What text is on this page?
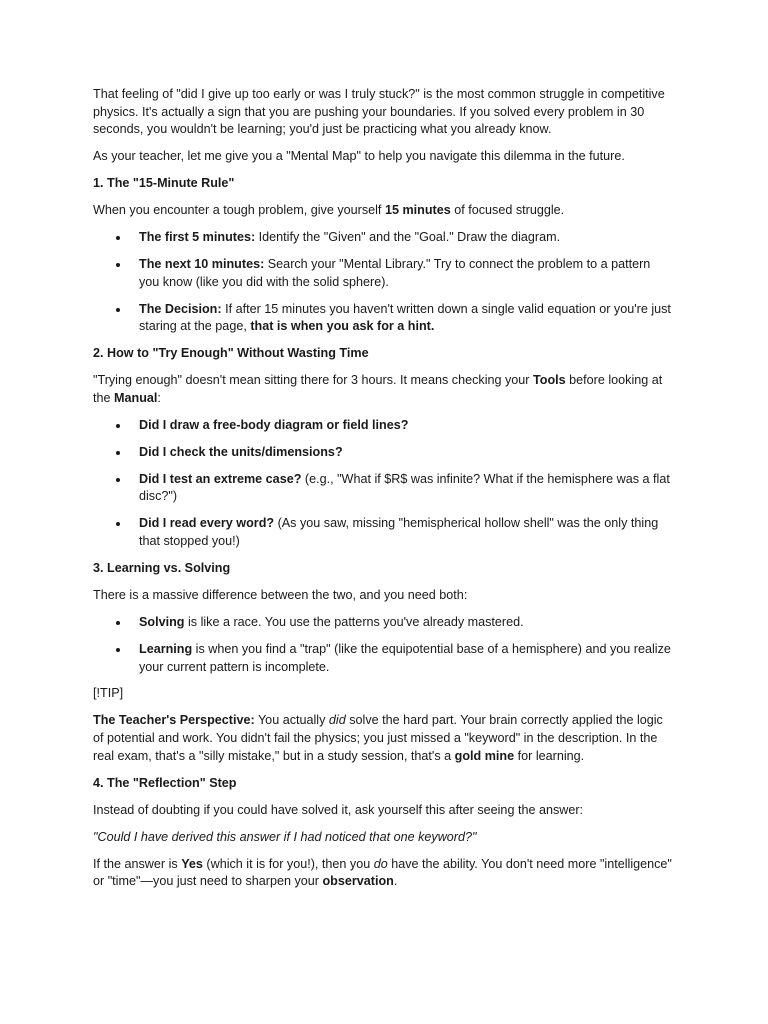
That feeling of "did I give up too early or was I truly stuck?" is the most common struggle in competitive physics. It's actually a sign that you are pushing your boundaries. If you solved every problem in 30 seconds, you wouldn't be learning; you'd just be practicing what you already know.

As your teacher, let me give you a "Mental Map" to help you navigate this dilemma in the future.

1. The "15-Minute Rule"

When you encounter a tough problem, give yourself 15 minutes of focused struggle.

The first 5 minutes: Identify the "Given" and the "Goal." Draw the diagram.
The next 10 minutes: Search your "Mental Library." Try to connect the problem to a pattern you know (like you did with the solid sphere).
The Decision: If after 15 minutes you haven't written down a single valid equation or you're just staring at the page, that is when you ask for a hint.
2. How to "Try Enough" Without Wasting Time

"Trying enough" doesn't mean sitting there for 3 hours. It means checking your Tools before looking at the Manual:

Did I draw a free-body diagram or field lines?
Did I check the units/dimensions?
Did I test an extreme case? (e.g., "What if $R$ was infinite? What if the hemisphere was a flat disc?")
Did I read every word? (As you saw, missing "hemispherical hollow shell" was the only thing that stopped you!)
3. Learning vs. Solving

There is a massive difference between the two, and you need both:

Solving is like a race. You use the patterns you've already mastered.
Learning is when you find a "trap" (like the equipotential base of a hemisphere) and you realize your current pattern is incomplete.

[!TIP]

The Teacher's Perspective: You actually did solve the hard part. Your brain correctly applied the logic of potential and work. You didn't fail the physics; you just missed a "keyword" in the description. In the real exam, that's a "silly mistake," but in a study session, that's a gold mine for learning.

4. The "Reflection" Step

Instead of doubting if you could have solved it, ask yourself this after seeing the answer:

"Could I have derived this answer if I had noticed that one keyword?"

If the answer is Yes (which it is for you!), then you do have the ability. You don't need more "intelligence" or "time"—you just need to sharpen your observation.
